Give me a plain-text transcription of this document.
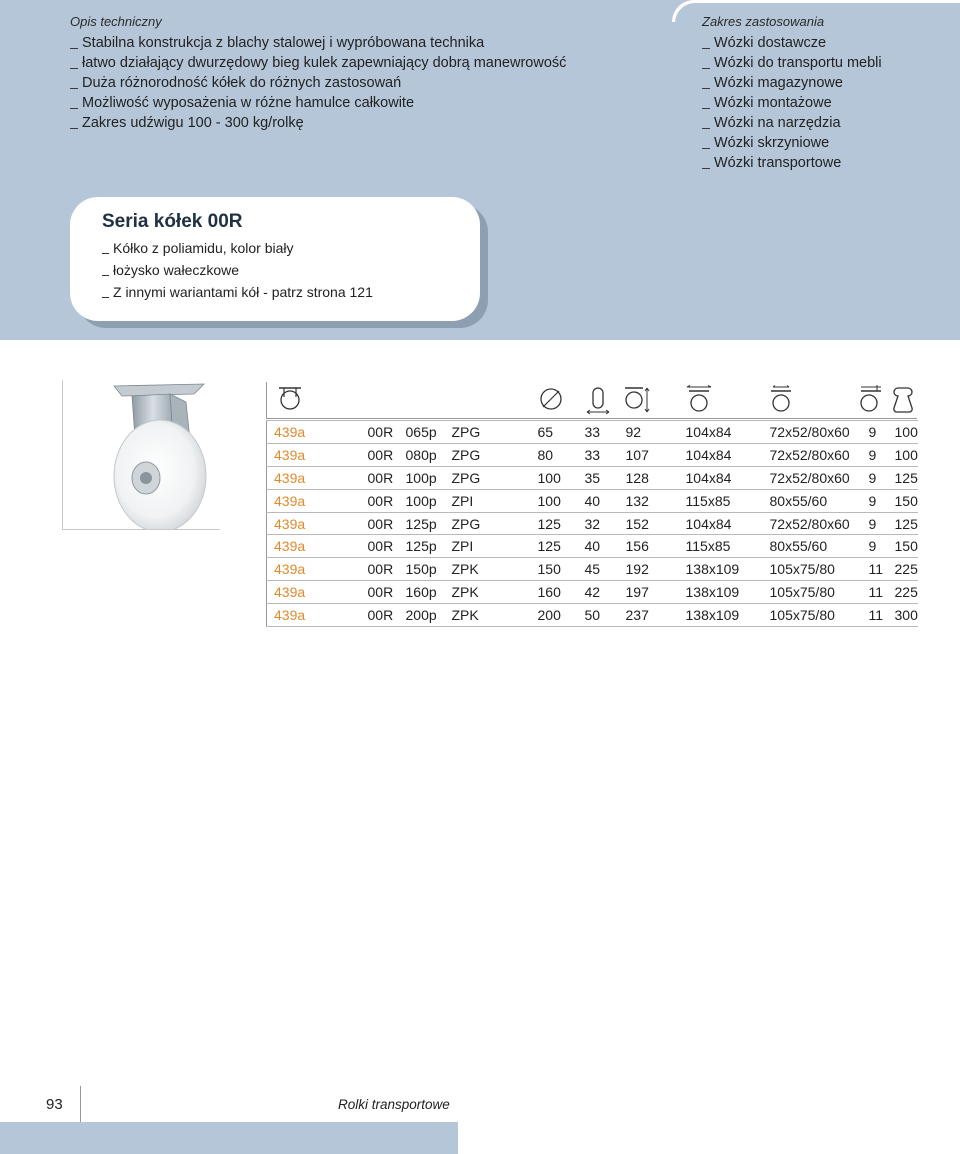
Opis techniczny
Stabilna konstrukcja z blachy stalowej i wypróbowana technika
łatwo działający dwurzędowy bieg kulek zapewniający dobrą manewrowość
Duża różnorodność kółek do różnych zastosowań
Możliwość wyposażenia w różne hamulce całkowite
Zakres udźwigu 100 - 300 kg/rolkę
Zakres zastosowania
Wózki dostawcze
Wózki do transportu mebli
Wózki magazynowe
Wózki montażowe
Wózki na narzędzia
Wózki skrzyniowe
Wózki transportowe
Seria kółek 00R
Kółko z poliamidu, kolor biały
łożysko wałeczkowe
Z innymi wariantami kół - patrz strona 121
439a	00R	065p	ZPG	65	33	92	104x84	72x52/80x60	9	100
439a	00R	080p	ZPG	80	33	107	104x84	72x52/80x60	9	100
439a	00R	100p	ZPG	100	35	128	104x84	72x52/80x60	9	125
439a	00R	100p	ZPI	100	40	132	115x85	80x55/60	9	150
439a	00R	125p	ZPG	125	32	152	104x84	72x52/80x60	9	125
439a	00R	125p	ZPI	125	40	156	115x85	80x55/60	9	150
439a	00R	150p	ZPK	150	45	192	138x109	105x75/80	11	225
439a	00R	160p	ZPK	160	42	197	138x109	105x75/80	11	225
439a	00R	200p	ZPK	200	50	237	138x109	105x75/80	11	300
93	Rolki transportowe
